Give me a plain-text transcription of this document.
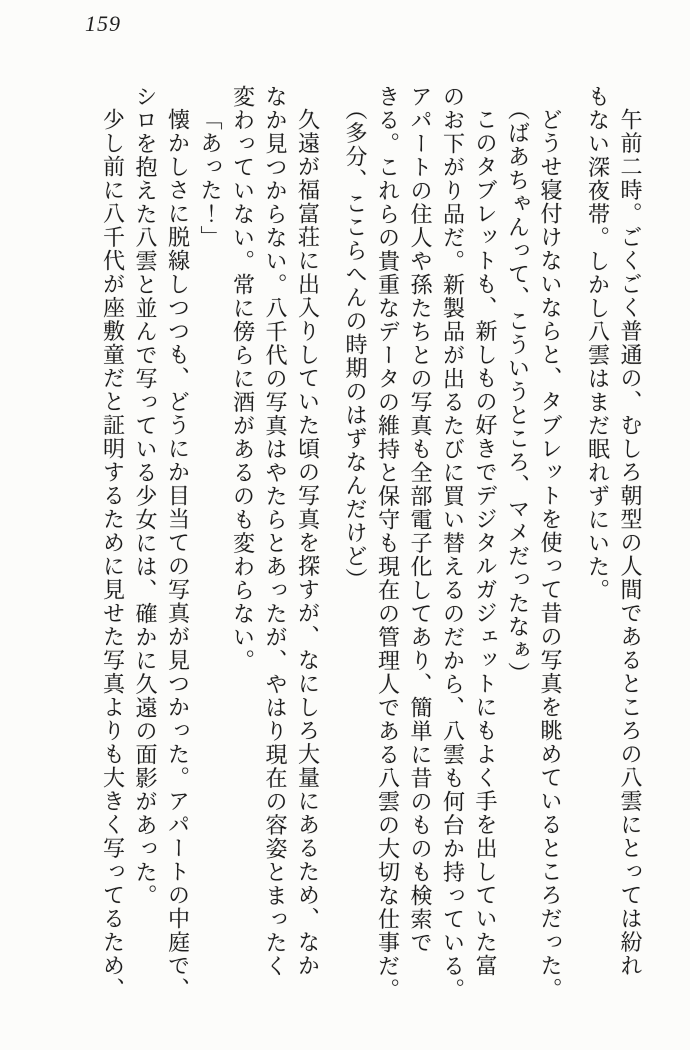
159
午前二時。ごくごく普通の、むしろ朝型の人間であるところの八雲にとっては紛れ
もない深夜帯。しかし八雲はまだ眠れずにいた。
どうせ寝付けないならと、タブレットを使って昔の写真を眺めているところだった。
（ばあちゃんって、こういうところ、マメだったなぁ）
このタブレットも、新しもの好きでデジタルガジェットにもよく手を出していた富
のお下がり品だ。新製品が出るたびに買い替えるのだから、八雲も何台か持っている。
アパートの住人や孫たちとの写真も全部電子化してあり、簡単に昔のものも検索で
きる。これらの貴重なデータの維持と保守も現在の管理人である八雲の大切な仕事だ。
（多分、ここらへんの時期のはずなんだけど）
久遠が福富荘に出入りしていた頃の写真を探すが、なにしろ大量にあるため、なか
なか見つからない。八千代の写真はやたらとあったが、やはり現在の容姿とまったく
変わっていない。常に傍らに酒があるのも変わらない。
「あった！」
懐かしさに脱線しつつも、どうにか目当ての写真が見つかった。アパートの中庭で、
シロを抱えた八雲と並んで写っている少女には、確かに久遠の面影があった。
少し前に八千代が座敷童だと証明するために見せた写真よりも大きく写ってるため、
